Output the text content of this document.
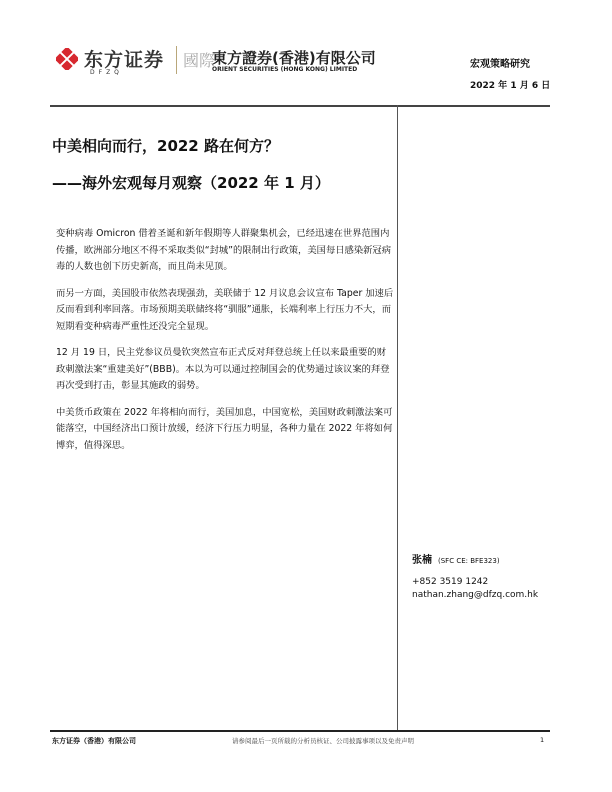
东方证券
DFZQ
國際
東方證券(香港)有限公司
ORIENT SECURITIES (HONG KONG) LIMITED	宏观策略研究
2022 年 1 月 6 日
中美相向而行，2022 路在何方？
——海外宏观每月观察（2022 年 1 月）

变种病毒 Omicron 借着圣诞和新年假期等人群聚集机会，已经迅速在世界范围内传播，欧洲部分地区不得不采取类似“封城”的限制出行政策，美国每日感染新冠病毒的人数也创下历史新高，而且尚未见顶。

而另一方面，美国股市依然表现强劲，美联储于 12 月议息会议宣布 Taper 加速后反而看到利率回落。市场预期美联储终将“驯服”通胀，长端利率上行压力不大，而短期看变种病毒严重性还没完全显现。

12 月 19 日，民主党参议员曼钦突然宣布正式反对拜登总统上任以来最重要的财政刺激法案“重建美好”(BBB)。本以为可以通过控制国会的优势通过该议案的拜登再次受到打击，彰显其施政的弱势。

中美货币政策在 2022 年将相向而行，美国加息，中国宽松，美国财政刺激法案可能落空，中国经济出口预计放缓，经济下行压力明显，各种力量在 2022 年将如何博弈，值得深思。

张楠 (SFC CE: BFE323)
+852 3519 1242
nathan.zhang@dfzq.com.hk
东方证券（香港）有限公司	请参阅最后一页所载的分析员核证、公司披露事项以及免责声明	1
